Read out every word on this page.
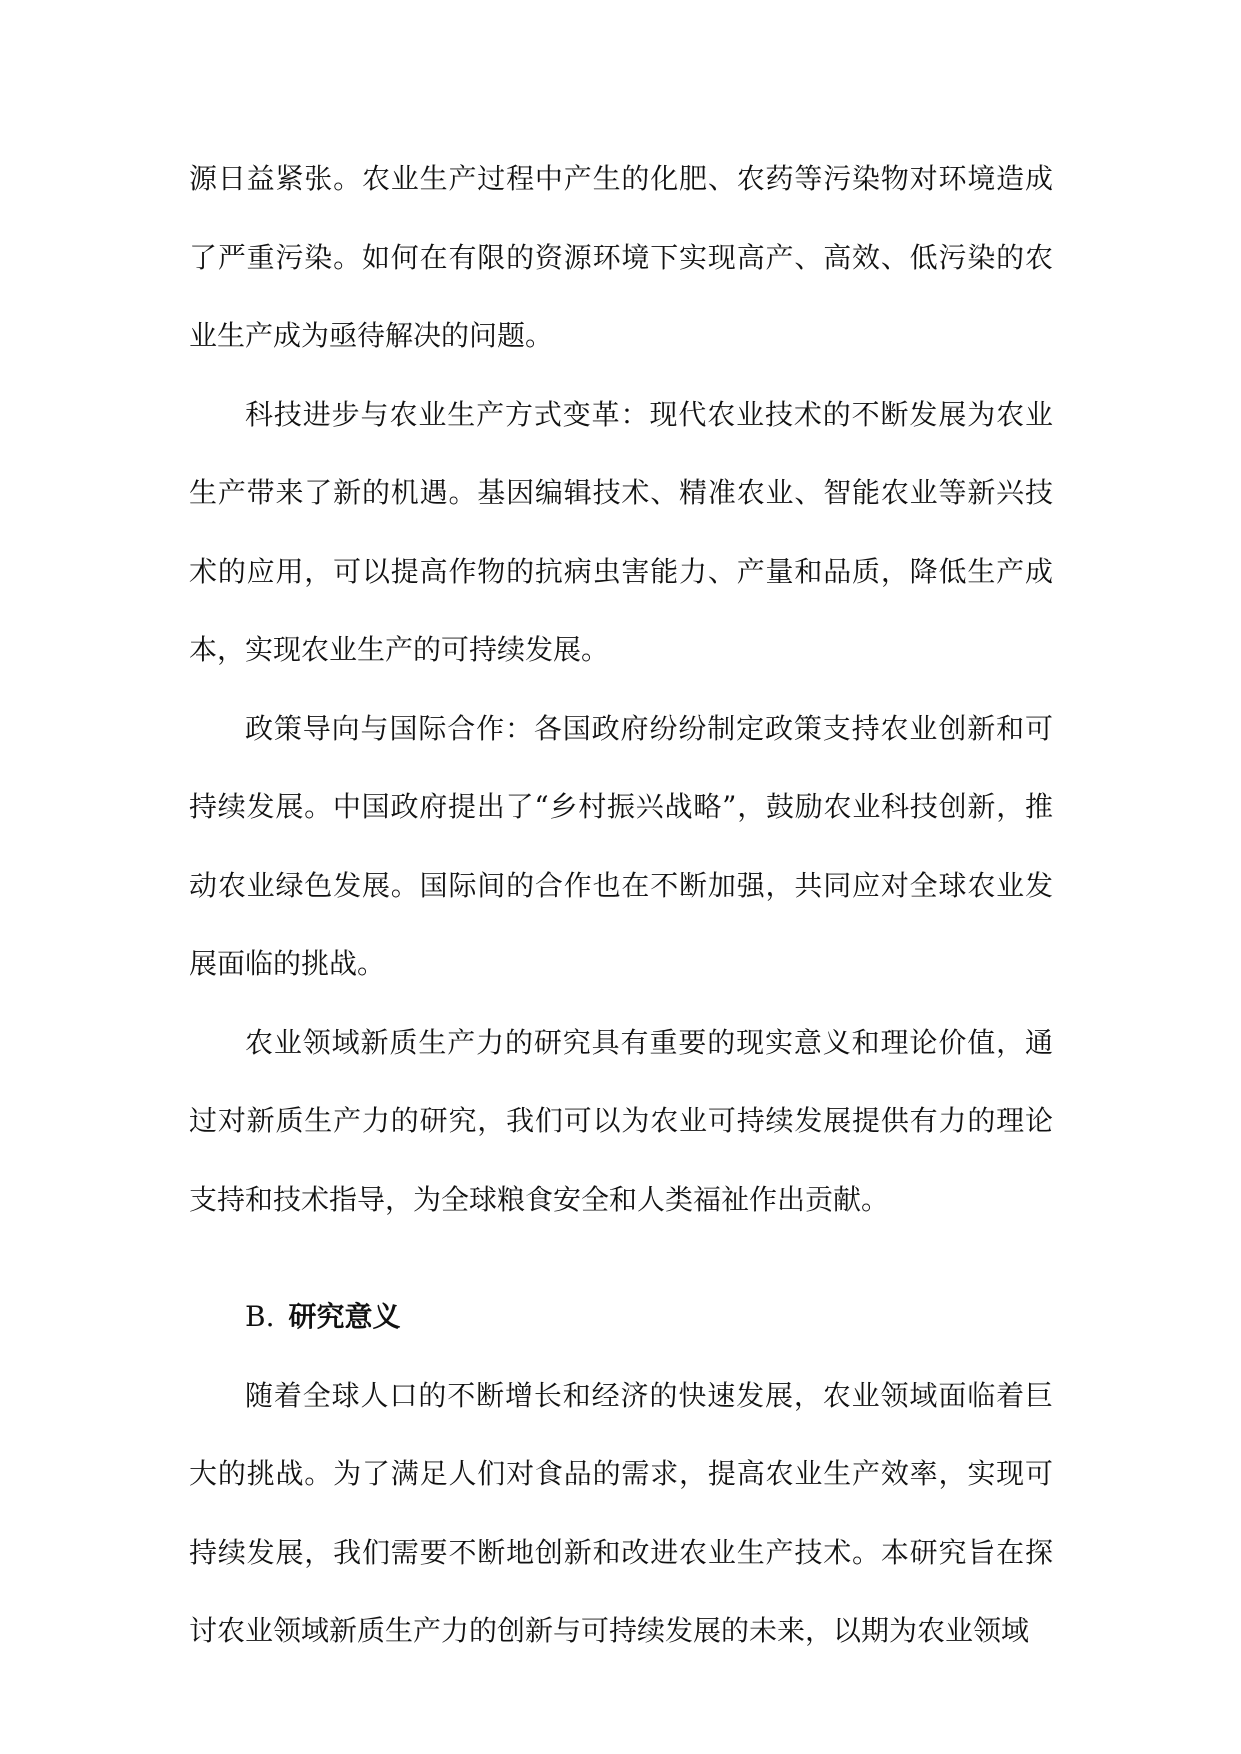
源日益紧张。农业生产过程中产生的化肥、农药等污染物对环境造成了严重污染。如何在有限的资源环境下实现高产、高效、低污染的农业生产成为亟待解决的问题。

科技进步与农业生产方式变革：现代农业技术的不断发展为农业生产带来了新的机遇。基因编辑技术、精准农业、智能农业等新兴技术的应用，可以提高作物的抗病虫害能力、产量和品质，降低生产成本，实现农业生产的可持续发展。

政策导向与国际合作：各国政府纷纷制定政策支持农业创新和可持续发展。中国政府提出了“乡村振兴战略”，鼓励农业科技创新，推动农业绿色发展。国际间的合作也在不断加强，共同应对全球农业发展面临的挑战。

农业领域新质生产力的研究具有重要的现实意义和理论价值，通过对新质生产力的研究，我们可以为农业可持续发展提供有力的理论支持和技术指导，为全球粮食安全和人类福祉作出贡献。

B. 研究意义

随着全球人口的不断增长和经济的快速发展，农业领域面临着巨大的挑战。为了满足人们对食品的需求，提高农业生产效率，实现可持续发展，我们需要不断地创新和改进农业生产技术。本研究旨在探讨农业领域新质生产力的创新与可持续发展的未来，以期为农业领域
